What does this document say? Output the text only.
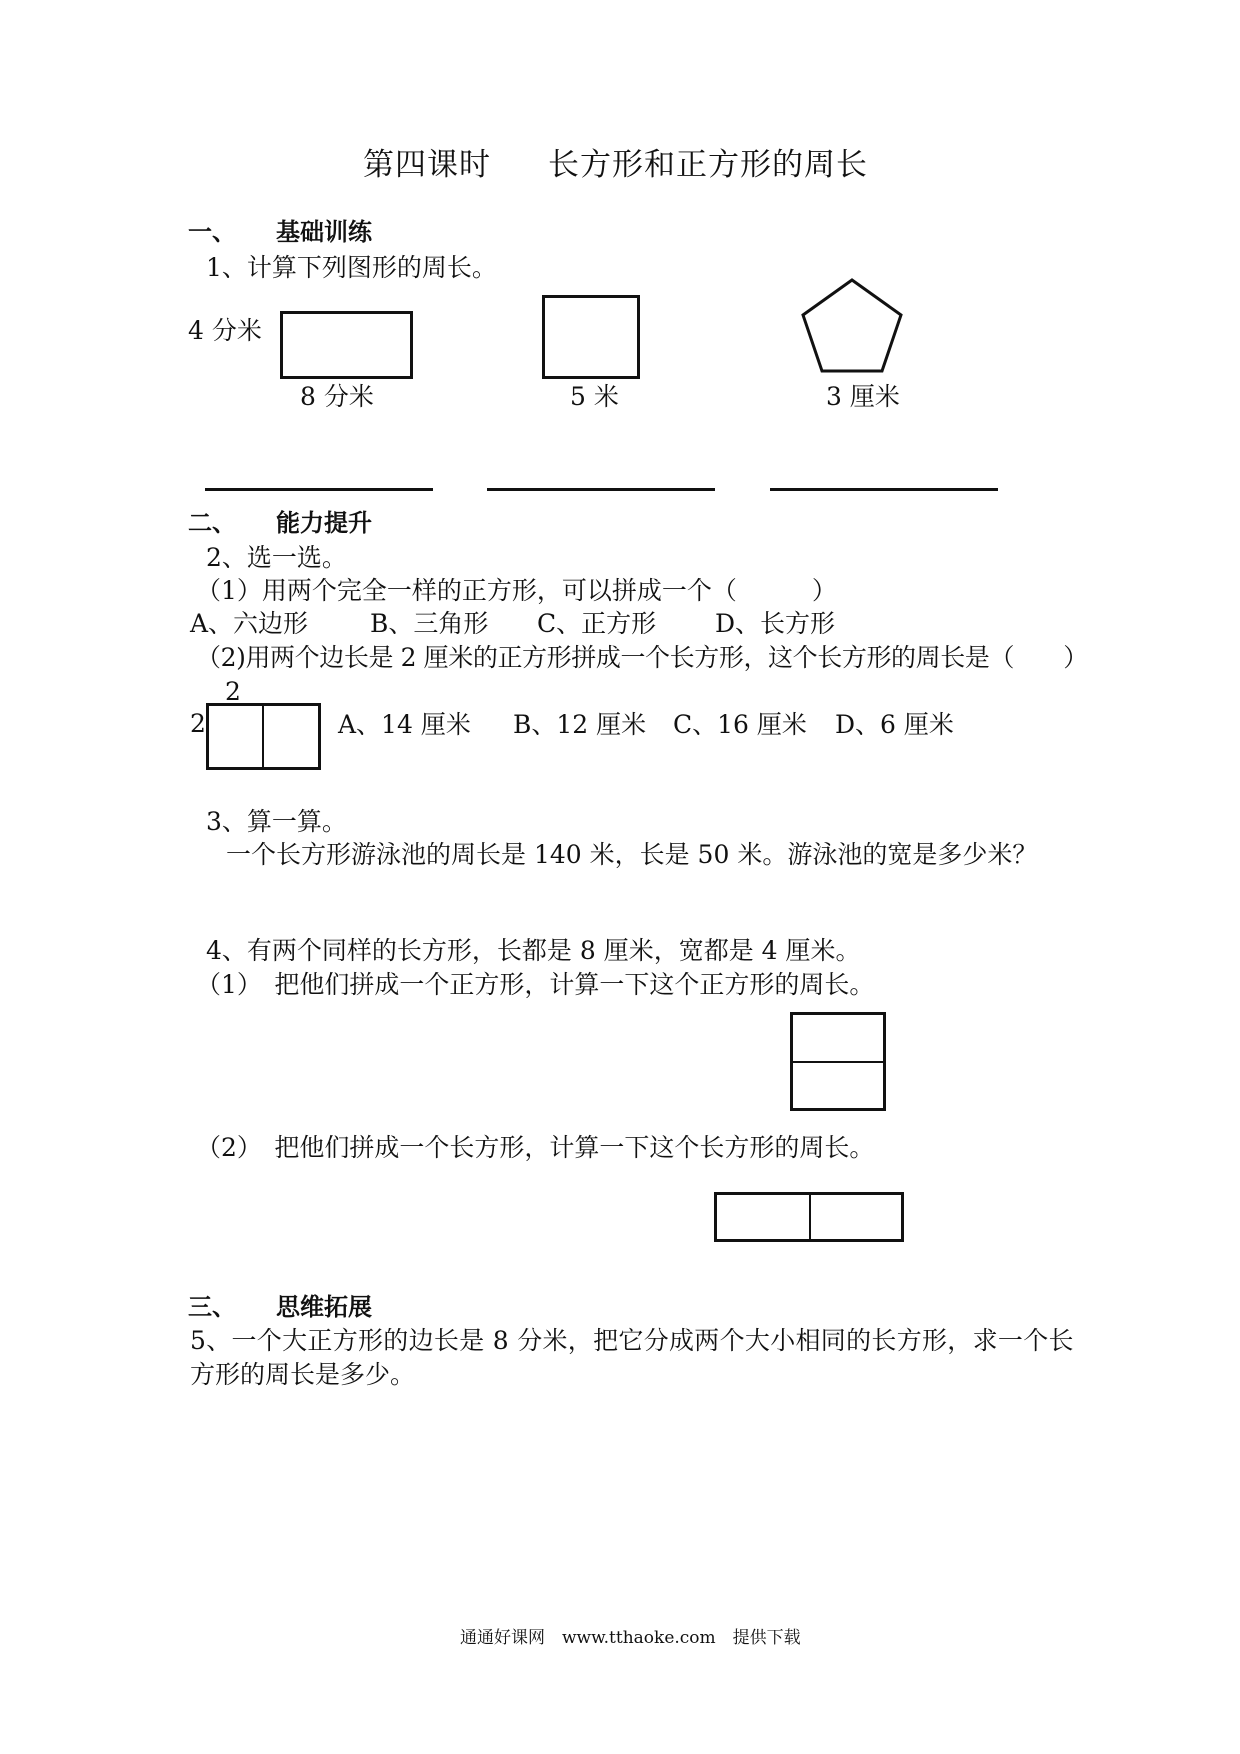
第四课时 长方形和正方形的周长
一、 基础训练
1、计算下列图形的周长。
4 分米
8 分米	5 米	3 厘米
二、 能力提升
2、选一选。
（1）用两个完全一样的正方形，可以拼成一个（　　　）
A、六边形 B、三角形 C、正方形 D、长方形
（2)用两个边长是 2 厘米的正方形拼成一个长方形，这个长方形的周长是（　　）
2
2	A、14 厘米 B、12 厘米 C、16 厘米 D、6 厘米
3、算一算。
一个长方形游泳池的周长是 140 米，长是 50 米。游泳池的宽是多少米？
4、有两个同样的长方形，长都是 8 厘米，宽都是 4 厘米。
（1）　把他们拼成一个正方形，计算一下这个正方形的周长。
（2）　把他们拼成一个长方形，计算一下这个长方形的周长。
三、 思维拓展
5、一个大正方形的边长是 8 分米，把它分成两个大小相同的长方形，求一个长
方形的周长是多少。
通通好课网　www.tthaoke.com　提供下载
